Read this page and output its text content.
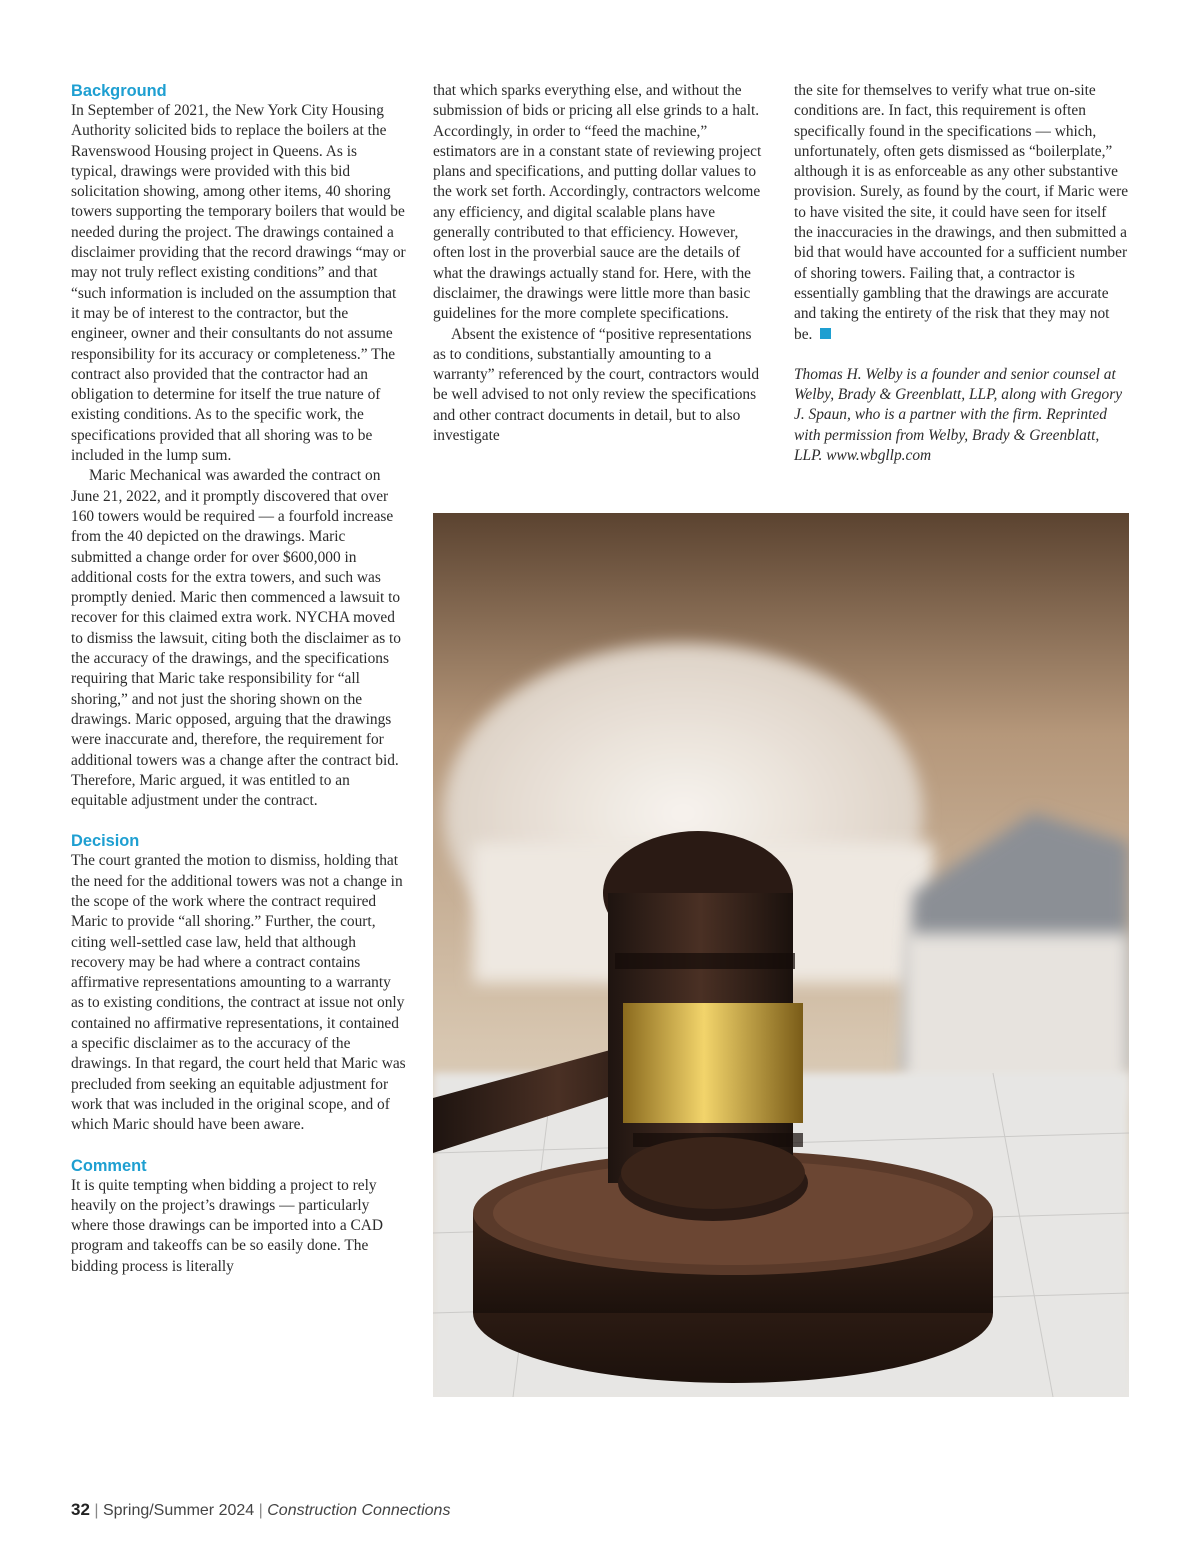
Background

In September of 2021, the New York City Housing Authority solicited bids to replace the boilers at the Ravenswood Housing project in Queens. As is typical, drawings were provided with this bid solicitation showing, among other items, 40 shoring towers supporting the temporary boilers that would be needed during the project. The drawings contained a disclaimer providing that the record drawings “may or may not truly reflect existing conditions” and that “such information is included on the assumption that it may be of interest to the contractor, but the engineer, owner and their consultants do not assume responsibility for its accuracy or completeness.” The contract also provided that the contractor had an obligation to determine for itself the true nature of existing conditions. As to the specific work, the specifications provided that all shoring was to be included in the lump sum.

Maric Mechanical was awarded the contract on June 21, 2022, and it promptly discovered that over 160 towers would be required — a fourfold increase from the 40 depicted on the drawings. Maric submitted a change order for over $600,000 in additional costs for the extra towers, and such was promptly denied. Maric then commenced a lawsuit to recover for this claimed extra work. NYCHA moved to dismiss the lawsuit, citing both the disclaimer as to the accuracy of the drawings, and the specifications requiring that Maric take responsibility for “all shoring,” and not just the shoring shown on the drawings. Maric opposed, arguing that the drawings were inaccurate and, therefore, the requirement for additional towers was a change after the contract bid. Therefore, Maric argued, it was entitled to an equitable adjustment under the contract.

Decision

The court granted the motion to dismiss, holding that the need for the additional towers was not a change in the scope of the work where the contract required Maric to provide “all shoring.” Further, the court, citing well-settled case law, held that although recovery may be had where a contract contains affirmative representations amounting to a warranty as to existing conditions, the contract at issue not only contained no affirmative representations, it contained a specific disclaimer as to the accuracy of the drawings. In that regard, the court held that Maric was precluded from seeking an equitable adjustment for work that was included in the original scope, and of which Maric should have been aware.

Comment

It is quite tempting when bidding a project to rely heavily on the project’s drawings — particularly where those drawings can be imported into a CAD program and takeoffs can be so easily done. The bidding process is literally

that which sparks everything else, and without the submission of bids or pricing all else grinds to a halt. Accordingly, in order to “feed the machine,” estimators are in a constant state of reviewing project plans and specifications, and putting dollar values to the work set forth. Accordingly, contractors welcome any efficiency, and digital scalable plans have generally contributed to that efficiency. However, often lost in the proverbial sauce are the details of what the drawings actually stand for. Here, with the disclaimer, the drawings were little more than basic guidelines for the more complete specifications.

Absent the existence of “positive representations as to conditions, substantially amounting to a warranty” referenced by the court, contractors would be well advised to not only review the specifications and other contract documents in detail, but to also investigate

the site for themselves to verify what true on-site conditions are. In fact, this requirement is often specifically found in the specifications — which, unfortunately, often gets dismissed as “boilerplate,” although it is as enforceable as any other substantive provision. Surely, as found by the court, if Maric were to have visited the site, it could have seen for itself the inaccuracies in the drawings, and then submitted a bid that would have accounted for a sufficient number of shoring towers. Failing that, a contractor is essentially gambling that the drawings are accurate and taking the entirety of the risk that they may not be.

Thomas H. Welby is a founder and senior counsel at Welby, Brady & Greenblatt, LLP, along with Gregory J. Spaun, who is a partner with the firm. Reprinted with permission from Welby, Brady & Greenblatt, LLP. www.wbgllp.com

32 | Spring/Summer 2024 | Construction Connections
